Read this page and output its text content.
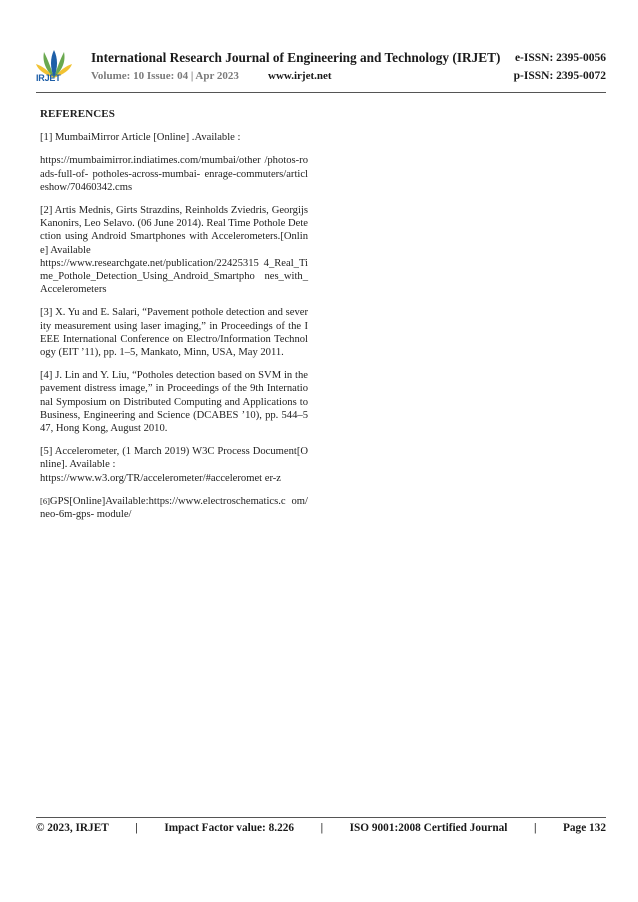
IRJET
International Research Journal of Engineering and Technology (IRJET) e-ISSN: 2395-0056
Volume: 10 Issue: 04 | Apr 2023	www.irjet.net	p-ISSN: 2395-0072
REFERENCES

[1] MumbaiMirror Article [Online] .Available :

https://mumbaimirror.indiatimes.com/mumbai/other /photos-roads-full-of- potholes-across-mumbai- enrage-commuters/articleshow/70460342.cms

[2] Artis Mednis, Girts Strazdins, Reinholds Zviedris, Georgijs Kanonirs, Leo Selavo. (06 June 2014). Real Time Pothole Detection using Android Smartphones with Accelerometers.[Online] Available
https://www.researchgate.net/publication/22425315 4_Real_Time_Pothole_Detection_Using_Android_Smartpho nes_with_Accelerometers

[3] X. Yu and E. Salari, “Pavement pothole detection and severity measurement using laser imaging,” in Proceedings of the IEEE International Conference on Electro/Information Technology (EIT ’11), pp. 1–5, Mankato, Minn, USA, May 2011.

[4] J. Lin and Y. Liu, “Potholes detection based on SVM in the pavement distress image,” in Proceedings of the 9th International Symposium on Distributed Computing and Applications to Business, Engineering and Science (DCABES ’10), pp. 544–547, Hong Kong, August 2010.

[5] Accelerometer, (1 March 2019) W3C Process Document[Online]. Available :
https://www.w3.org/TR/accelerometer/#acceleromet er-z

[6]GPS[Online]Available:https://www.electroschematics.c om/neo-6m-gps- module/

© 2023, IRJET | Impact Factor value: 8.226 | ISO 9001:2008 Certified Journal | Page 132
